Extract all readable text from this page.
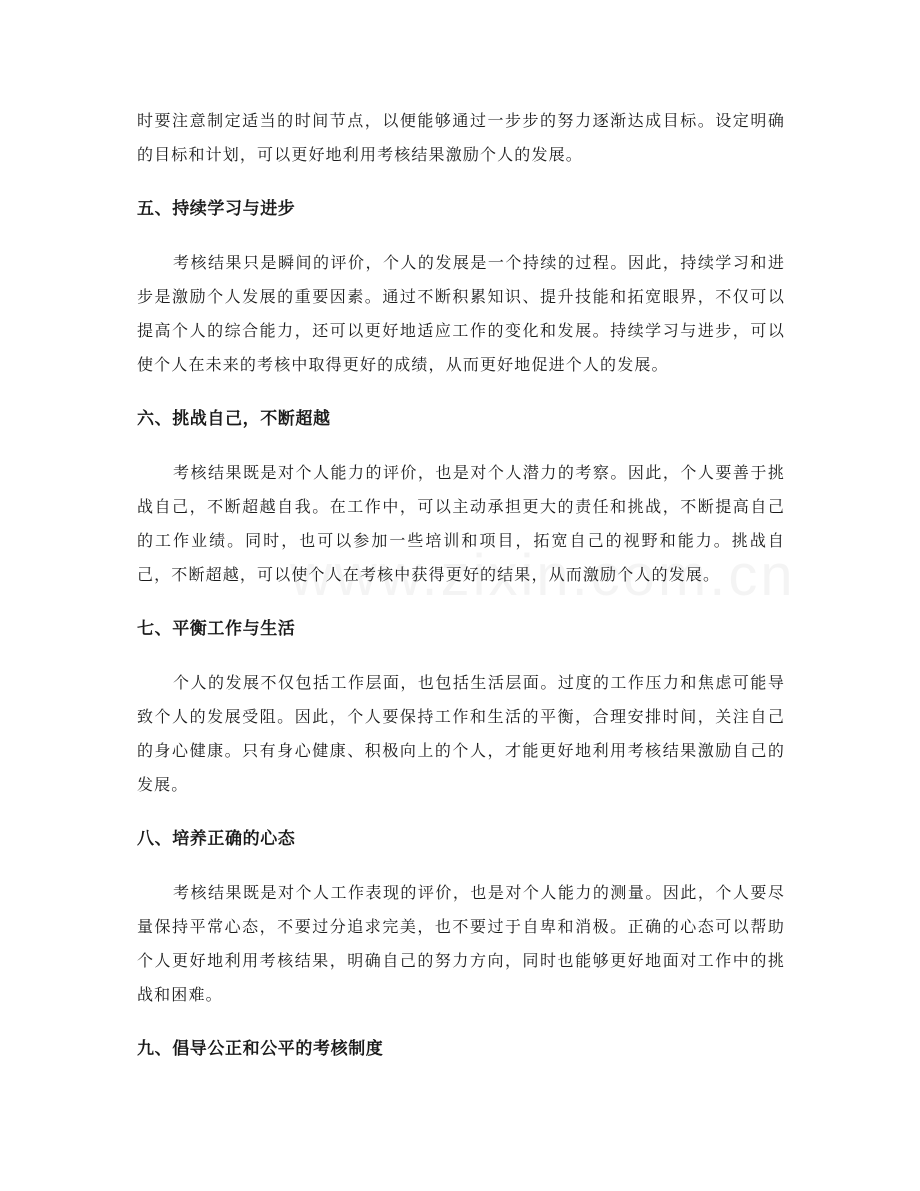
时要注意制定适当的时间节点，以便能够通过一步步的努力逐渐达成目标。设定明确的目标和计划，可以更好地利用考核结果激励个人的发展。

五、持续学习与进步

考核结果只是瞬间的评价，个人的发展是一个持续的过程。因此，持续学习和进步是激励个人发展的重要因素。通过不断积累知识、提升技能和拓宽眼界，不仅可以提高个人的综合能力，还可以更好地适应工作的变化和发展。持续学习与进步，可以使个人在未来的考核中取得更好的成绩，从而更好地促进个人的发展。

六、挑战自己，不断超越

考核结果既是对个人能力的评价，也是对个人潜力的考察。因此，个人要善于挑战自己，不断超越自我。在工作中，可以主动承担更大的责任和挑战，不断提高自己的工作业绩。同时，也可以参加一些培训和项目，拓宽自己的视野和能力。挑战自己，不断超越，可以使个人在考核中获得更好的结果，从而激励个人的发展。

七、平衡工作与生活

个人的发展不仅包括工作层面，也包括生活层面。过度的工作压力和焦虑可能导致个人的发展受阻。因此，个人要保持工作和生活的平衡，合理安排时间，关注自己的身心健康。只有身心健康、积极向上的个人，才能更好地利用考核结果激励自己的发展。

八、培养正确的心态

考核结果既是对个人工作表现的评价，也是对个人能力的测量。因此，个人要尽量保持平常心态，不要过分追求完美，也不要过于自卑和消极。正确的心态可以帮助个人更好地利用考核结果，明确自己的努力方向，同时也能够更好地面对工作中的挑战和困难。

九、倡导公正和公平的考核制度
